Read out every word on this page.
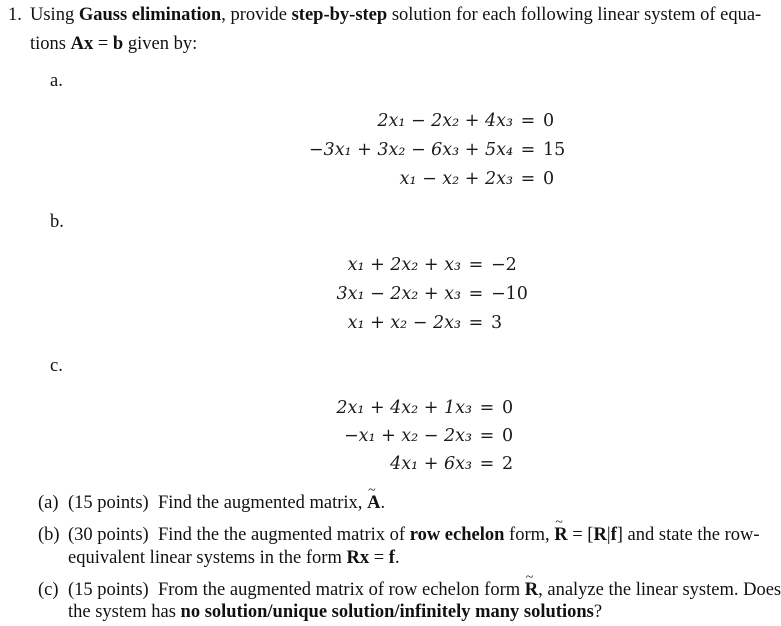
1. Using Gauss elimination, provide step-by-step solution for each following linear system of equa-
tions Ax = b given by:
a.
2x₁ − 2x₂ + 4x₃ = 0
−3x₁ + 3x₂ − 6x₃ + 5x₄ = 15
x₁ − x₂ + 2x₃ = 0
b.
x₁ + 2x₂ + x₃ = −2
3x₁ − 2x₂ + x₃ = −10
x₁ + x₂ − 2x₃ = 3
c.
2x₁ + 4x₂ + 1x₃ = 0
−x₁ + x₂ − 2x₃ = 0
4x₁ + 6x₃ = 2
(a) (15 points) Find the augmented matrix, A ~.
(b) (30 points) Find the the augmented matrix of row echelon form, R ~ = [R|f] and state the row-
equivalent linear systems in the form Rx = f.
(c) (15 points) From the augmented matrix of row echelon form R ~, analyze the linear system. Does
the system has no solution/unique solution/infinitely many solutions?
